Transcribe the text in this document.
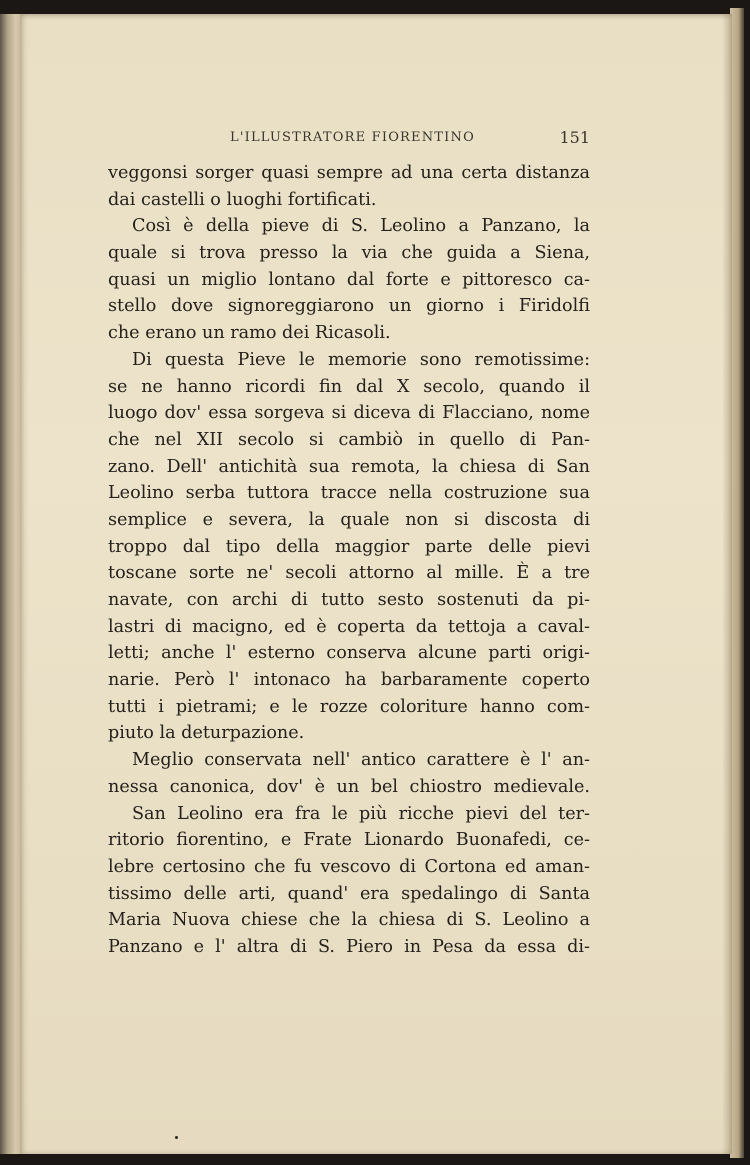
L'ILLUSTRATORE FIORENTINO	151
veggonsi sorger quasi sempre ad una certa distanza
dai castelli o luoghi fortificati.
Così è della pieve di S. Leolino a Panzano, la
quale si trova presso la via che guida a Siena,
quasi un miglio lontano dal forte e pittoresco ca-
stello dove signoreggiarono un giorno i Firidolfi
che erano un ramo dei Ricasoli.
Di questa Pieve le memorie sono remotissime:
se ne hanno ricordi fin dal X secolo, quando il
luogo dov' essa sorgeva si diceva di Flacciano, nome
che nel XII secolo si cambiò in quello di Pan-
zano. Dell' antichità sua remota, la chiesa di San
Leolino serba tuttora tracce nella costruzione sua
semplice e severa, la quale non si discosta di
troppo dal tipo della maggior parte delle pievi
toscane sorte ne' secoli attorno al mille. È a tre
navate, con archi di tutto sesto sostenuti da pi-
lastri di macigno, ed è coperta da tettoja a caval-
letti; anche l' esterno conserva alcune parti origi-
narie. Però l' intonaco ha barbaramente coperto
tutti i pietrami; e le rozze coloriture hanno com-
piuto la deturpazione.
Meglio conservata nell' antico carattere è l' an-
nessa canonica, dov' è un bel chiostro medievale.
San Leolino era fra le più ricche pievi del ter-
ritorio fiorentino, e Frate Lionardo Buonafedi, ce-
lebre certosino che fu vescovo di Cortona ed aman-
tissimo delle arti, quand' era spedalingo di Santa
Maria Nuova chiese che la chiesa di S. Leolino a
Panzano e l' altra di S. Piero in Pesa da essa di-
